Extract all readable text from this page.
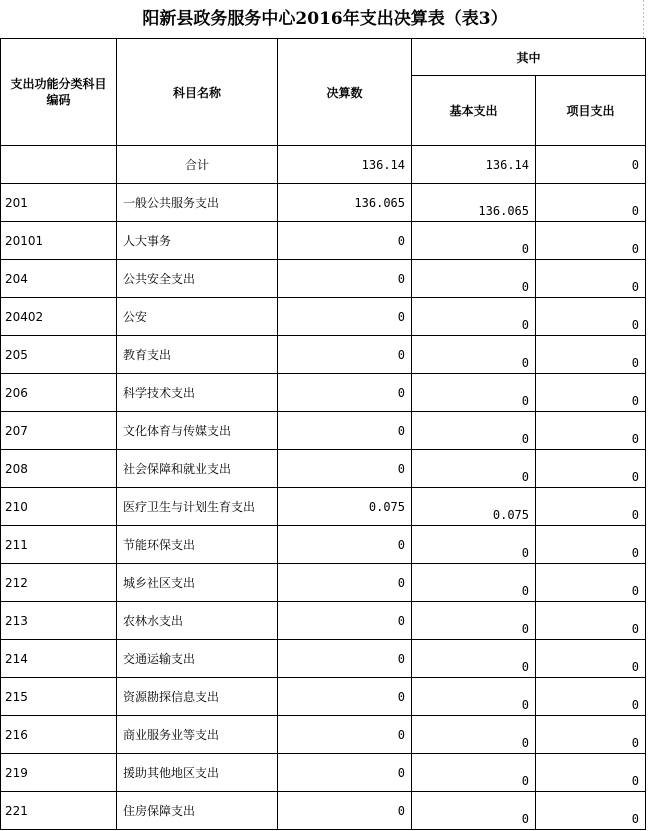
阳新县政务服务中心2016年支出决算表（表3）
支出功能分类科目编码	科目名称	决算数	其中	
			基本支出	项目支出
	合计	136.14	136.14	0
201	一般公共服务支出	136.065	136.065	0
20101	人大事务	0	0	0
204	公共安全支出	0	0	0
20402	公安	0	0	0
205	教育支出	0	0	0
206	科学技术支出	0	0	0
207	文化体育与传媒支出	0	0	0
208	社会保障和就业支出	0	0	0
210	医疗卫生与计划生育支出	0.075	0.075	0
211	节能环保支出	0	0	0
212	城乡社区支出	0	0	0
213	农林水支出	0	0	0
214	交通运输支出	0	0	0
215	资源勘探信息支出	0	0	0
216	商业服务业等支出	0	0	0
219	援助其他地区支出	0	0	0
221	住房保障支出	0	0	0
